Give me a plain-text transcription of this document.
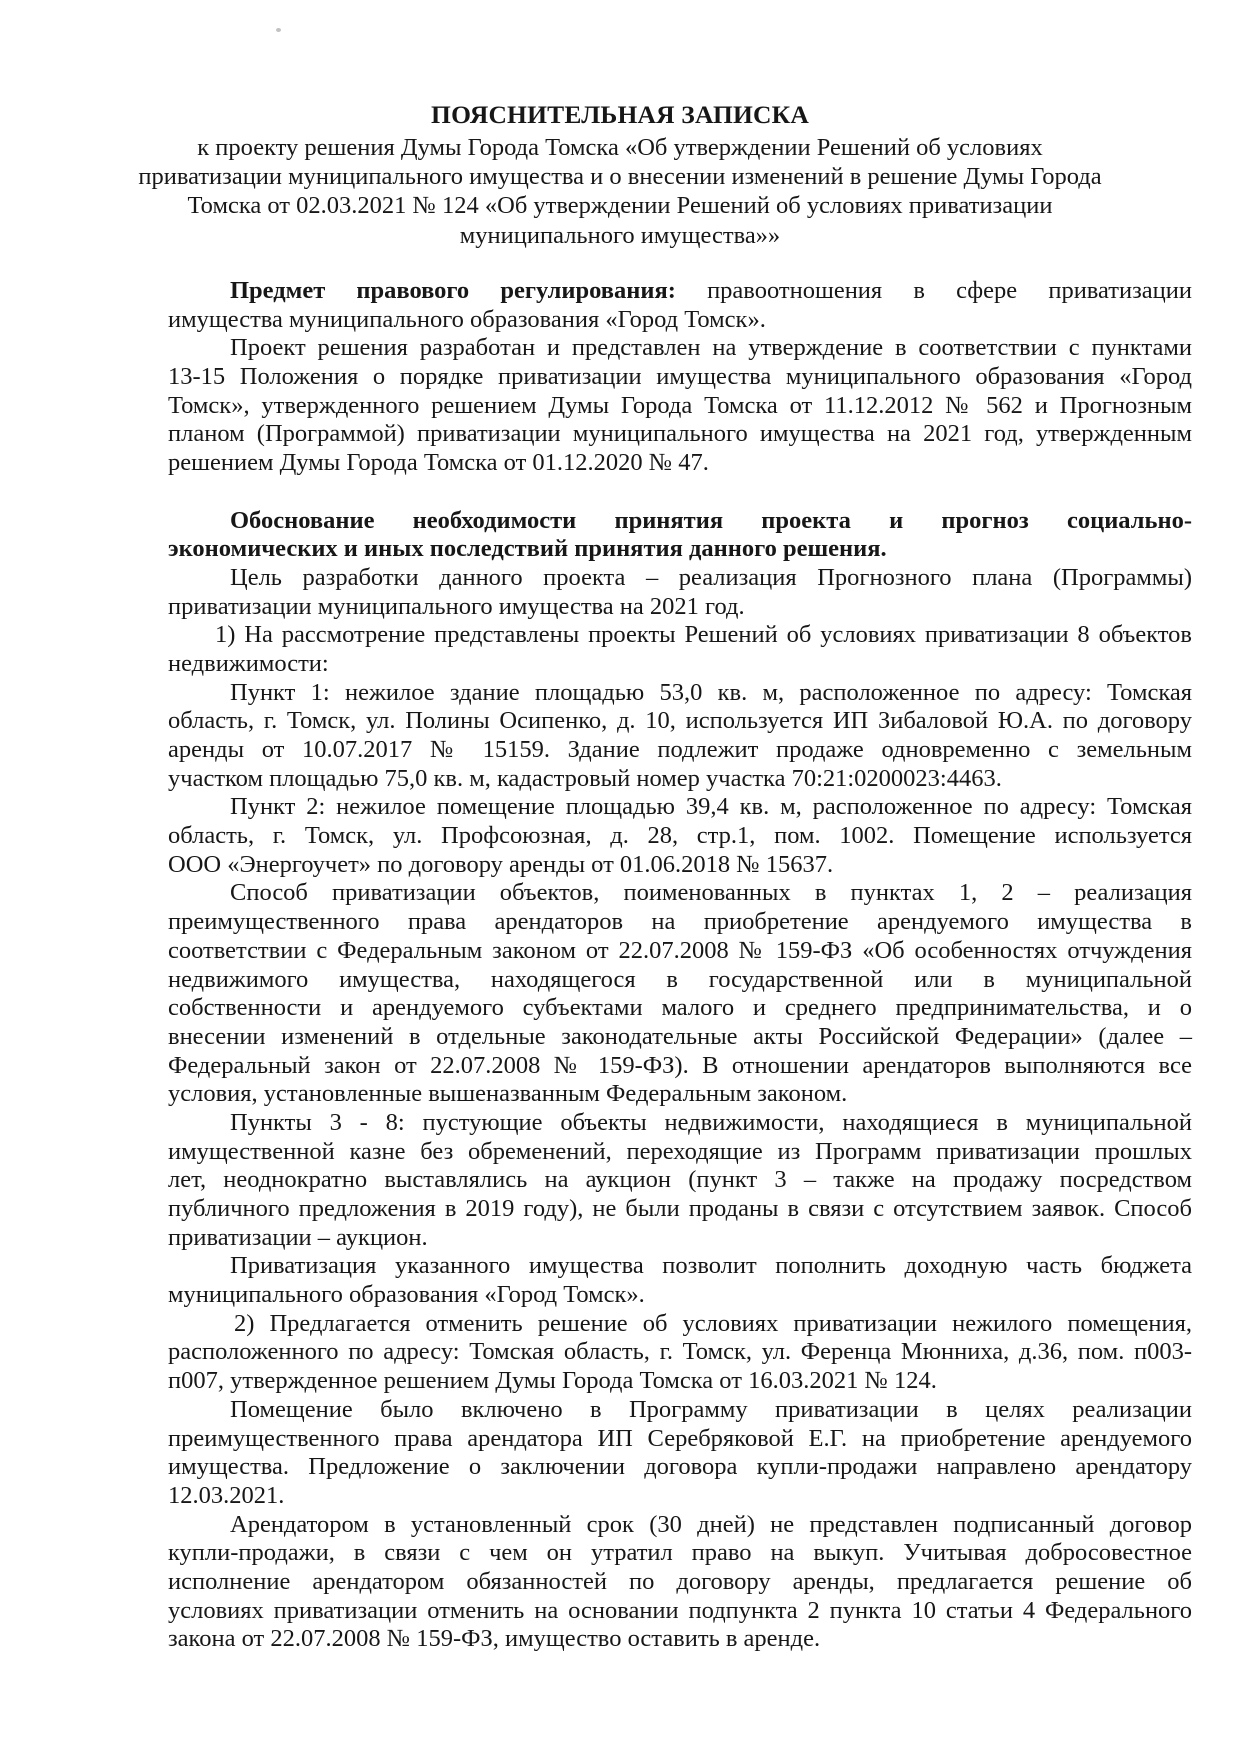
ПОЯСНИТЕЛЬНАЯ ЗАПИСКА
к проекту решения Думы Города Томска «Об утверждении Решений об условиях
приватизации муниципального имущества и о внесении изменений в решение Думы Города
Томска от 02.03.2021 № 124 «Об утверждении Решений об условиях приватизации
муниципального имущества»»
Предмет правового регулирования: правоотношения в сфере приватизации
имущества муниципального образования «Город Томск».
Проект решения разработан и представлен на утверждение в соответствии с пунктами
13-15 Положения о порядке приватизации имущества муниципального образования «Город
Томск», утвержденного решением Думы Города Томска от 11.12.2012 № 562 и Прогнозным
планом (Программой) приватизации муниципального имущества на 2021 год, утвержденным
решением Думы Города Томска от 01.12.2020 № 47.
Обоснование необходимости принятия проекта и прогноз социально-
экономических и иных последствий принятия данного решения.
Цель разработки данного проекта – реализация Прогнозного плана (Программы)
приватизации муниципального имущества на 2021 год.
1) На рассмотрение представлены проекты Решений об условиях приватизации 8 объектов
недвижимости:
Пункт 1: нежилое здание площадью 53,0 кв. м, расположенное по адресу: Томская
область, г. Томск, ул. Полины Осипенко, д. 10, используется ИП Зибаловой Ю.А. по договору
аренды от 10.07.2017 № 15159. Здание подлежит продаже одновременно с земельным
участком площадью 75,0 кв. м, кадастровый номер участка 70:21:0200023:4463.
Пункт 2: нежилое помещение площадью 39,4 кв. м, расположенное по адресу: Томская
область, г. Томск, ул. Профсоюзная, д. 28, стр.1, пом. 1002. Помещение используется
ООО «Энергоучет» по договору аренды от 01.06.2018 № 15637.
Способ приватизации объектов, поименованных в пунктах 1, 2 – реализация
преимущественного права арендаторов на приобретение арендуемого имущества в
соответствии с Федеральным законом от 22.07.2008 № 159-ФЗ «Об особенностях отчуждения
недвижимого имущества, находящегося в государственной или в муниципальной
собственности и арендуемого субъектами малого и среднего предпринимательства, и о
внесении изменений в отдельные законодательные акты Российской Федерации» (далее –
Федеральный закон от 22.07.2008 № 159-ФЗ). В отношении арендаторов выполняются все
условия, установленные вышеназванным Федеральным законом.
Пункты 3 - 8: пустующие объекты недвижимости, находящиеся в муниципальной
имущественной казне без обременений, переходящие из Программ приватизации прошлых
лет, неоднократно выставлялись на аукцион (пункт 3 – также на продажу посредством
публичного предложения в 2019 году), не были проданы в связи с отсутствием заявок. Способ
приватизации – аукцион.
Приватизация указанного имущества позволит пополнить доходную часть бюджета
муниципального образования «Город Томск».
2) Предлагается отменить решение об условиях приватизации нежилого помещения,
расположенного по адресу: Томская область, г. Томск, ул. Ференца Мюнниха, д.36, пом. п003-
п007, утвержденное решением Думы Города Томска от 16.03.2021 № 124.
Помещение было включено в Программу приватизации в целях реализации
преимущественного права арендатора ИП Серебряковой Е.Г. на приобретение арендуемого
имущества. Предложение о заключении договора купли-продажи направлено арендатору
12.03.2021.
Арендатором в установленный срок (30 дней) не представлен подписанный договор
купли-продажи, в связи с чем он утратил право на выкуп. Учитывая добросовестное
исполнение арендатором обязанностей по договору аренды, предлагается решение об
условиях приватизации отменить на основании подпункта 2 пункта 10 статьи 4 Федерального
закона от 22.07.2008 № 159-ФЗ, имущество оставить в аренде.
